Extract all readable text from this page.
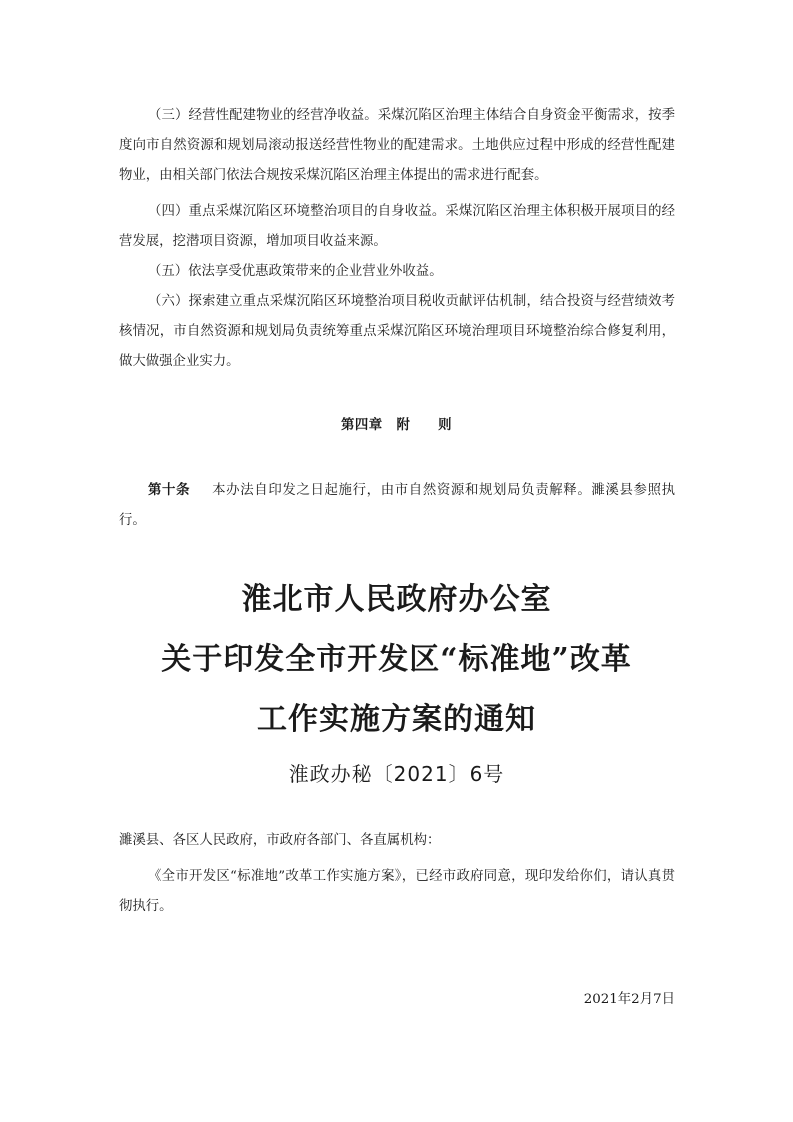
（三）经营性配建物业的经营净收益。采煤沉陷区治理主体结合自身资金平衡需求，按季度向市自然资源和规划局滚动报送经营性物业的配建需求。土地供应过程中形成的经营性配建物业，由相关部门依法合规按采煤沉陷区治理主体提出的需求进行配套。

（四）重点采煤沉陷区环境整治项目的自身收益。采煤沉陷区治理主体积极开展项目的经营发展，挖潜项目资源，增加项目收益来源。

（五）依法享受优惠政策带来的企业营业外收益。

（六）探索建立重点采煤沉陷区环境整治项目税收贡献评估机制，结合投资与经营绩效考核情况，市自然资源和规划局负责统筹重点采煤沉陷区环境治理项目环境整治综合修复利用，做大做强企业实力。

第四章　附　　则

第十条 本办法自印发之日起施行，由市自然资源和规划局负责解释。濉溪县参照执行。

淮北市人民政府办公室
关于印发全市开发区“标准地”改革
工作实施方案的通知
淮政办秘〔2021〕6号
濉溪县、各区人民政府，市政府各部门、各直属机构：

《全市开发区“标准地”改革工作实施方案》，已经市政府同意，现印发给你们，请认真贯彻执行。

2021年2月7日
